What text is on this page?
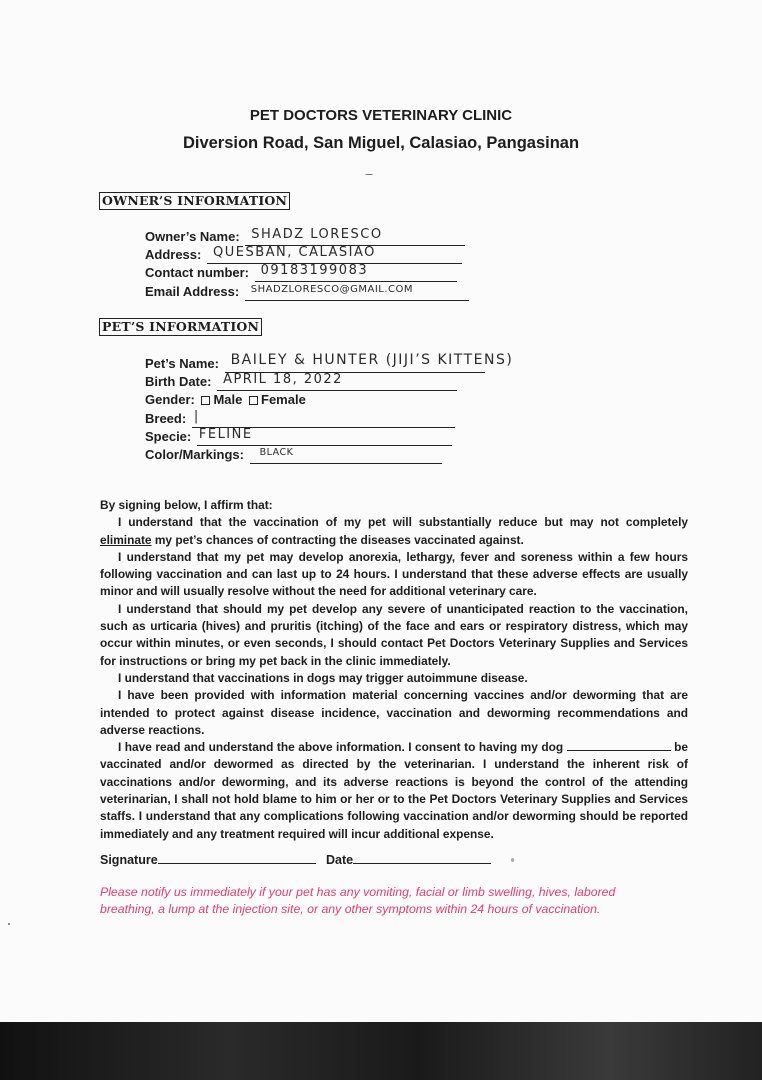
PET DOCTORS VETERINARY CLINIC
Diversion Road, San Miguel, Calasiao, Pangasinan
OWNER’S INFORMATION
Owner’s Name: SHADZ LORESCO
Address: QUESBAN, CALASIAO
Contact number: 09183199083
Email Address: SHADZLORESCO@GMAIL.COM
PET’S INFORMATION
Pet’s Name: BAILEY & HUNTER (JIJI’S KITTENS)
Birth Date: APRIL 18, 2022
Gender: Male Female
Breed: |
Specie: FELINE
Color/Markings: BLACK

By signing below, I affirm that:

I understand that the vaccination of my pet will substantially reduce but may not completely eliminate my pet’s chances of contracting the diseases vaccinated against.

I understand that my pet may develop anorexia, lethargy, fever and soreness within a few hours following vaccination and can last up to 24 hours. I understand that these adverse effects are usually minor and will usually resolve without the need for additional veterinary care.

I understand that should my pet develop any severe of unanticipated reaction to the vaccination, such as urticaria (hives) and pruritis (itching) of the face and ears or respiratory distress, which may occur within minutes, or even seconds, I should contact Pet Doctors Veterinary Supplies and Services for instructions or bring my pet back in the clinic immediately.

I understand that vaccinations in dogs may trigger autoimmune disease.

I have been provided with information material concerning vaccines and/or deworming that are intended to protect against disease incidence, vaccination and deworming recommendations and adverse reactions.

I have read and understand the above information. I consent to having my dog	be vaccinated and/or dewormed as directed by the veterinarian. I understand the inherent risk of vaccinations and/or deworming, and its adverse reactions is beyond the control of the attending veterinarian, I shall not hold blame to him or her or to the Pet Doctors Veterinary Supplies and Services staffs. I understand that any complications following vaccination and/or deworming should be reported immediately and any treatment required will incur additional expense.

Signature	Date
Please notify us immediately if your pet has any vomiting, facial or limb swelling, hives, labored breathing, a lump at the injection site, or any other symptoms within 24 hours of vaccination.
